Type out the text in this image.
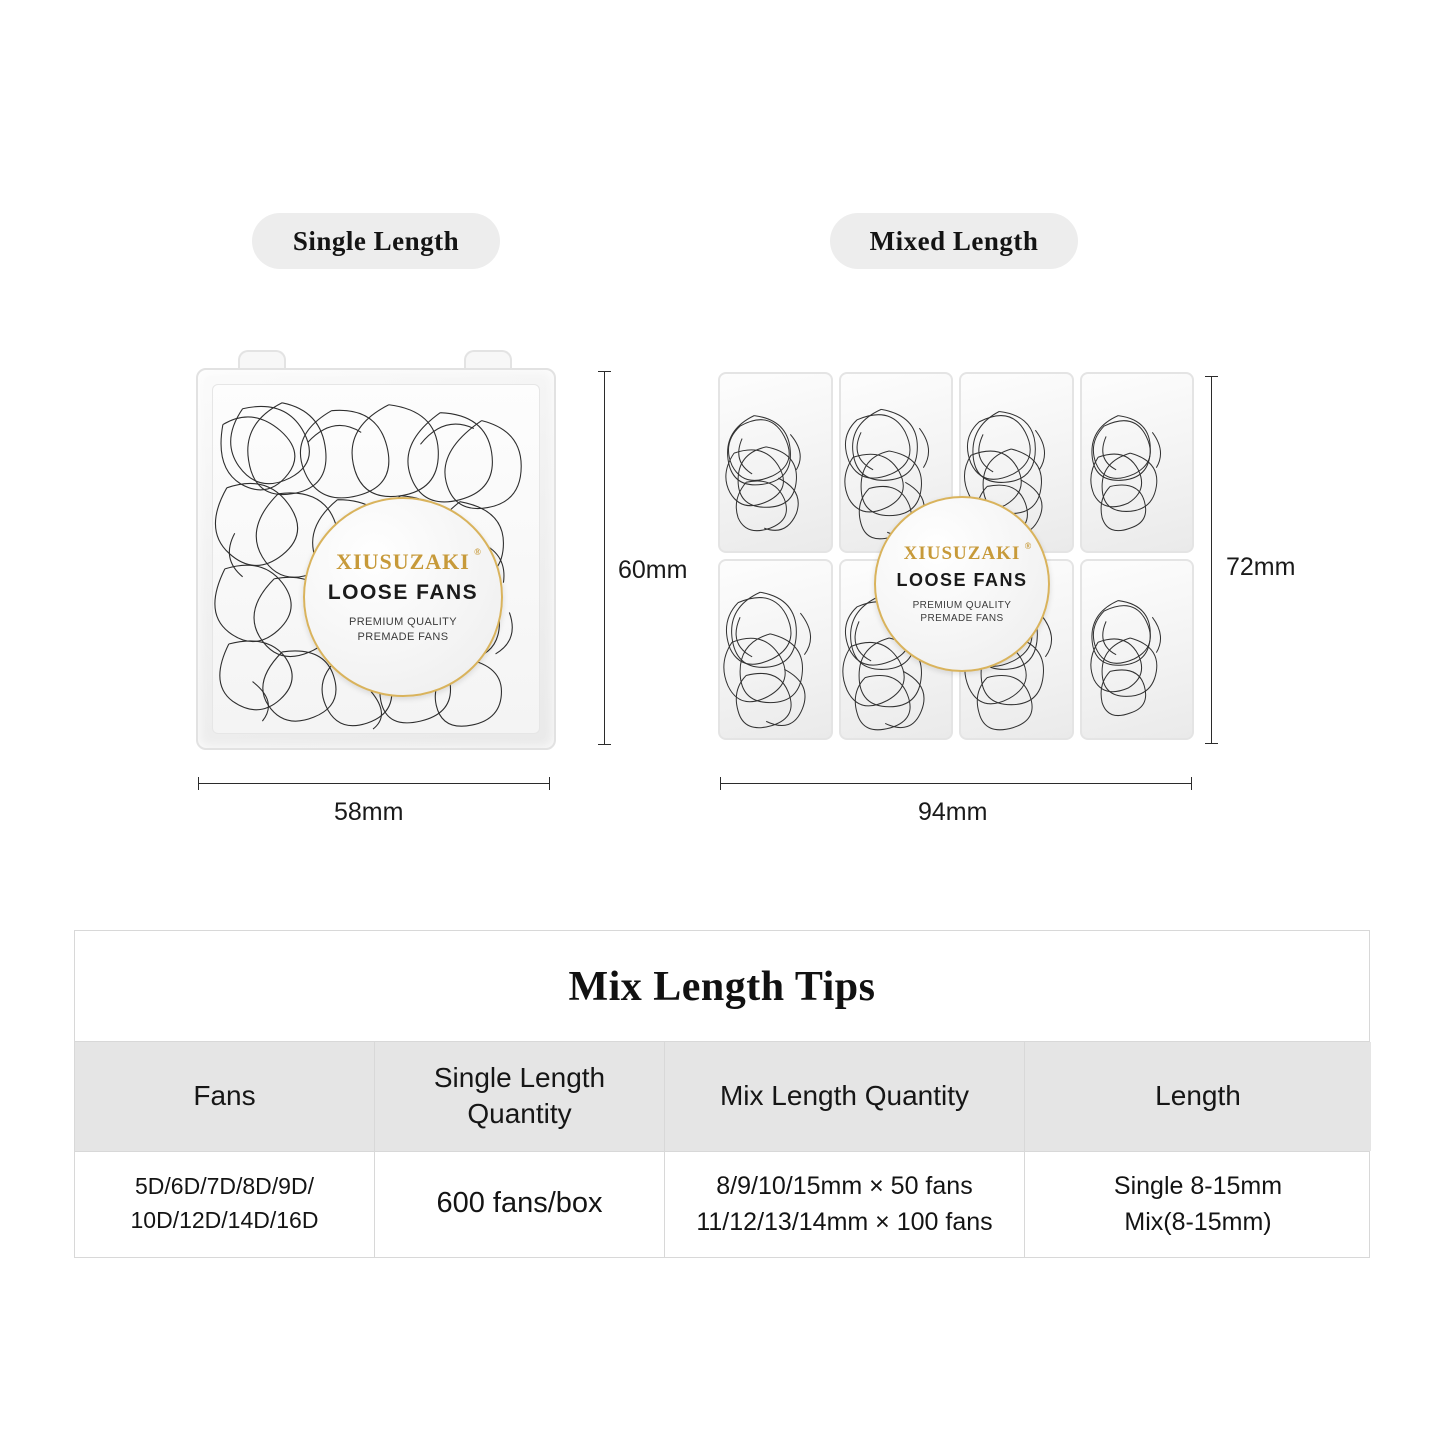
Single Length	Mixed Length
XIUSUZAKI ®
LOOSE FANS
PREMIUM QUALITY
PREMADE FANS
60mm
58mm
XIUSUZAKI ®
LOOSE FANS
PREMIUM QUALITY
PREMADE FANS
72mm
94mm
Mix Length Tips
Fans
Single Length Quantity
Mix Length Quantity	Length
5D/6D/7D/8D/9D/
10D/12D/14D/16D
600 fans/box
8/9/10/15mm × 50 fans
11/12/13/14mm × 100 fans
Single 8-15mm
Mix(8-15mm)
